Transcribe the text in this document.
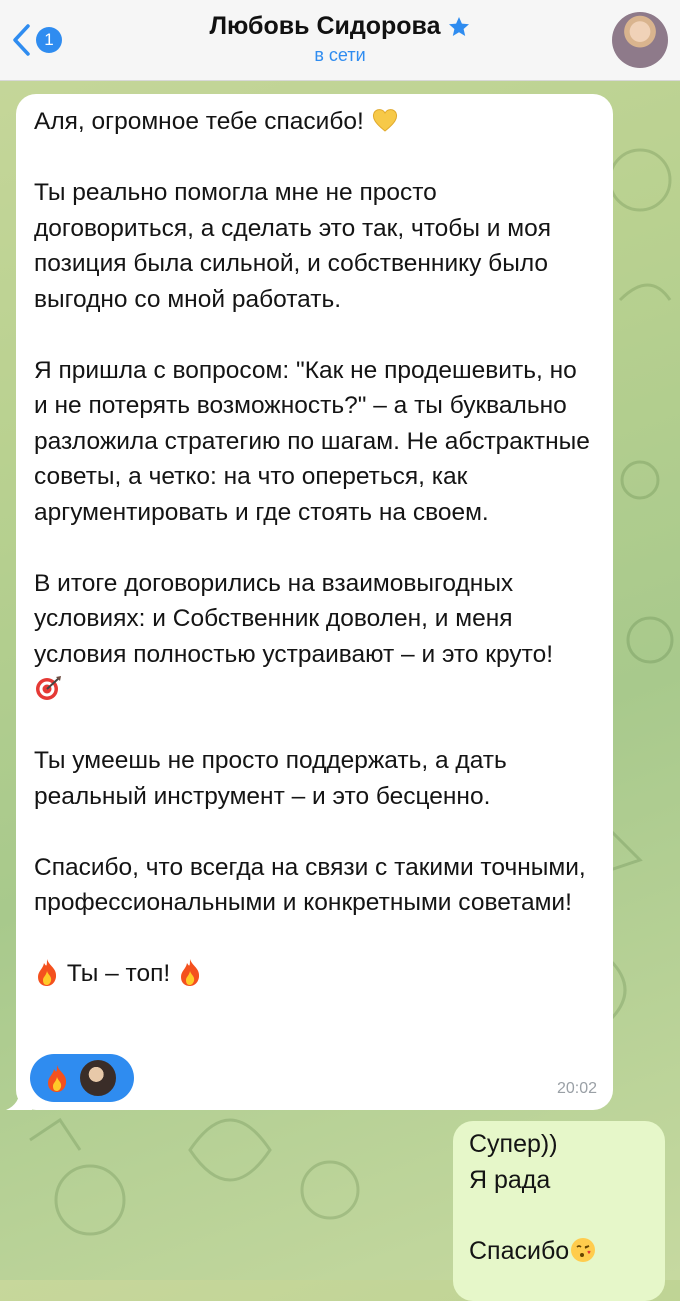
1	Любовь Сидорова
в сети

Аля, огромное тебе спасибо!

Ты реально помогла мне не просто договориться, а сделать это так, чтобы и моя позиция была сильной, и собственнику было выгодно со мной работать.

Я пришла с вопросом: "Как не продешевить, но и не потерять возможность?" – а ты буквально разложила стратегию по шагам. Не абстрактные советы, а четко: на что опереться, как аргументировать и где стоять на своем.

В итоге договорились на взаимовыгодных условиях: и Собственник доволен, и меня условия полностью устраивают – и это круто!

Ты умеешь не просто поддержать, а дать реальный инструмент – и это бесценно.

Спасибо, что всегда на связи с такими точными, профессиональными и конкретными советами!

Ты – топ!

20:02

Супер))
Я рада

Спасибо
